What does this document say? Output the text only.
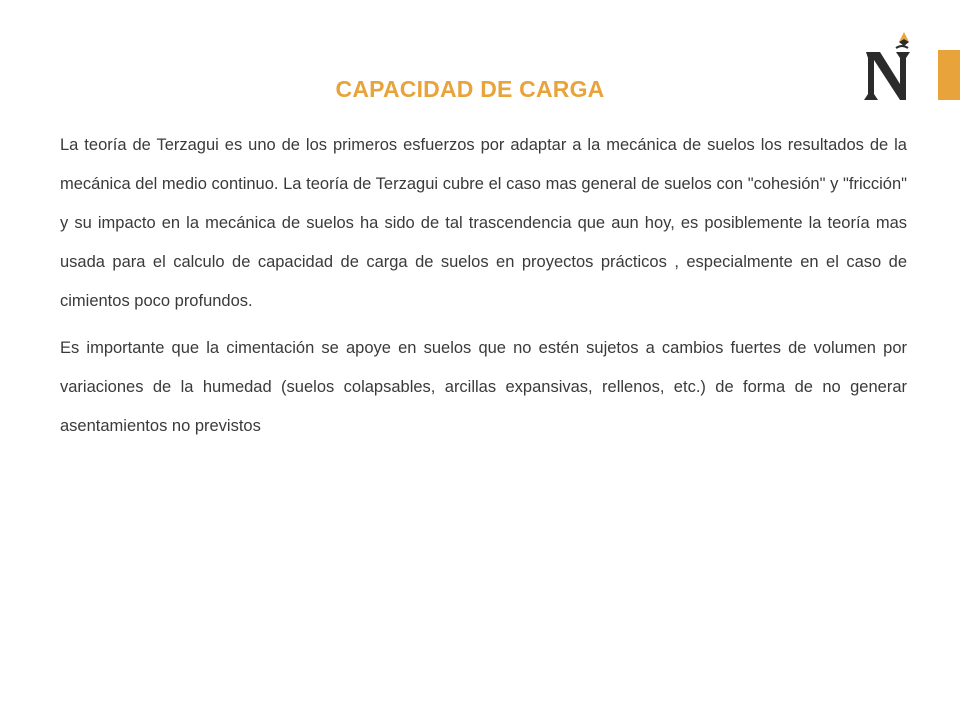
CAPACIDAD DE CARGA

La teoría de Terzagui es uno de los primeros esfuerzos por adaptar a la mecánica de suelos los resultados de la mecánica del medio continuo. La teoría de Terzagui cubre el caso mas general de suelos con "cohesión" y "fricción" y su impacto en la mecánica de suelos ha sido de tal trascendencia que aun hoy, es posiblemente la teoría mas usada para el calculo de capacidad de carga de suelos en proyectos prácticos , especialmente en el caso de cimientos poco profundos.

Es importante que la cimentación se apoye en suelos que no estén sujetos a cambios fuertes de volumen por variaciones de la humedad (suelos colapsables, arcillas expansivas, rellenos, etc.) de forma de no generar asentamientos no previstos
